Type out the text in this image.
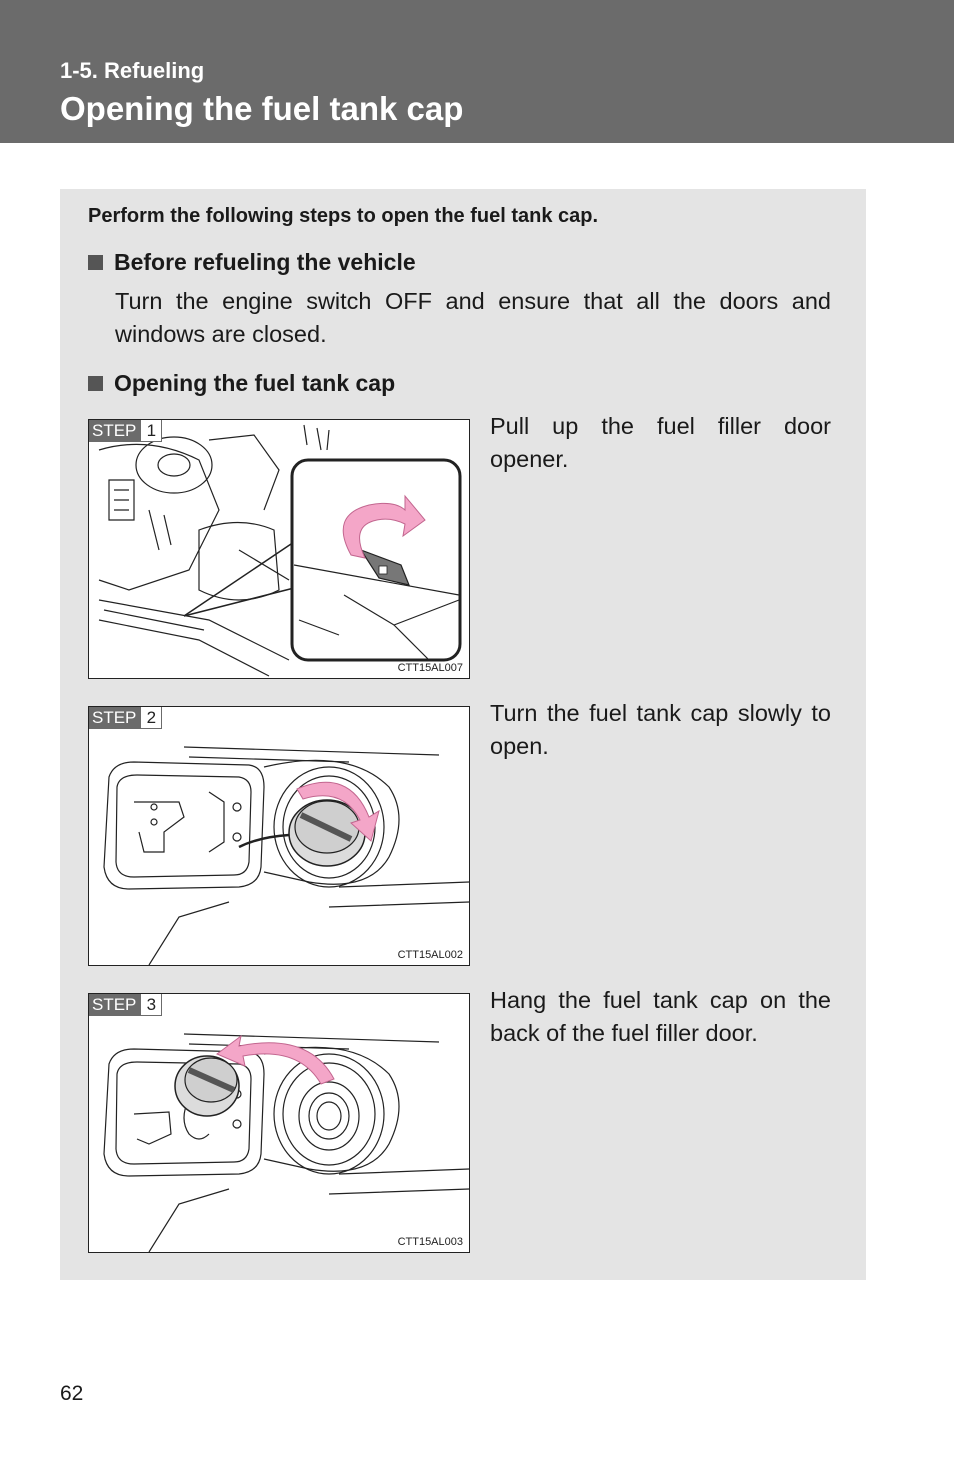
1-5. Refueling
Opening the fuel tank cap
Perform the following steps to open the fuel tank cap.
Before refueling the vehicle
Turn the engine switch OFF and ensure that all the doors and windows are closed.
Opening the fuel tank cap
STEP 1
CTT15AL007
Pull up the fuel filler door opener.
STEP 2
CTT15AL002
Turn the fuel tank cap slowly to open.
STEP 3
CTT15AL003
Hang the fuel tank cap on the back of the fuel filler door.
62
